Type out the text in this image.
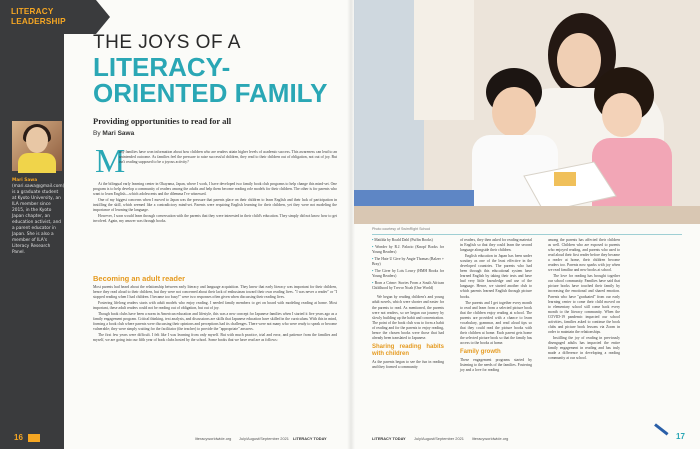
LITERACY LEADERSHIP
Mari Sawa (mari.sawa@gmail.com) is a graduate student at Kyoto University, an ILA member since 2015, in the Kyoto Japan chapter, an education activist, and a parent educator in Japan. She is also a member of ILA's Literacy Research Panel.
THE JOYS OF A
LITERACY-
ORIENTED FAMILY
Providing opportunities to read for all
By Mari Sawa
M

any families have won information about how children who are readers attain higher levels of academic success. This awareness can lead to an unintended outcome. As families feel the pressure to raise successful children, they read to their children out of obligation, not out of joy. But isn't reading supposed to be a joyous activity?

At the bilingual early learning center in Okayama, Japan, where I work, I have developed two family book club programs to help change this mind-set. One program is to help develop a community of readers among the adults and help them become reading role models for their children. The other is for parents who want to learn English—which adolescents and the dilemma I've witnessed.

One of my biggest concerns when I moved to Japan was the pressure that parents place on their children to learn English and their lack of participation in instilling the skill, which seemed like a contradictory mind-set. Parents were requiring English learning for their children, yet they were not modeling the importance of learning the language.

However, I soon would learn through conversation with the parents that they were interested in their child's education. They simply did not know how to get involved. Again, my answer was through books.

Becoming an adult reader

Most parents had heard about the relationship between early literacy and language acquisition. They knew that early literacy was important for their children, hence they read aloud to their children, but they were not concerned about their lack of enthusiasm toward their own reading lives. "I was never a reader" or "I stopped reading when I had children. I became too busy!" were two responses often given when discussing their reading lives.

Fostering lifelong readers starts with adult models who enjoy reading. I needed family members to get on board with modeling reading at home. Most important, these adult readers could not be reading out of obligation, but out of joy.

Though book clubs have been a norm in American education and lifestyle, this was a new concept for Japanese families when I started it five years ago as a family engagement program. Critical thinking, text analysis, and discussions are skills that Japanese education have skilled in the curriculum. With this in mind, forming a book club where parents were discussing their opinions and perceptions had its challenges. There were not many who were ready to speak or become vulnerable; they were simply waiting for the facilitator (the teacher) to provide the "appropriate" answers.

The first few years were difficult. I felt like I was learning from only myself. But with much practice, trial and error, and patience from the families and myself, we are going into our fifth year of book clubs hosted by the school. Some books that we have read are as follows:

16	literacyworldwide.org July/August/September 2021 LITERACY TODAY
Photo courtesy of SwimRight School
• Matilda by Roald Dahl (Puffin Books)
• Wonder by R.J. Palacio (Knopf Books for Young Readers)
• The Hate U Give by Angie Thomas (Balzer + Bray)
• The Giver by Lois Lowry (HMH Books for Young Readers)
• Born a Crime: Stories From a South African Childhood by Trevor Noah (One World)

We began by reading children's and young adult novels, which were shorter and easier for the parents to read. As mentioned, the parents were not readers, so we began our journey by slowly building up the habit and concentration. The point of the book club was to form a habit of reading and for the parents to enjoy reading, hence the chosen books were those that had already been translated to Japanese.

Sharing reading habits with children

As the parents began to see the fun in reading and they formed a community

of readers, they then asked for reading material in English so that they could learn the second language alongside their children.

English education in Japan has been under scrutiny as one of the least effective in the developed countries. The parents who had been through this educational system have learned English by taking their tests and have had very little knowledge and use of the language. Hence, we started another club to which parents learned English through picture books.

The parents and I get together every month to read and learn from a selected picture book that the children enjoy reading at school. The parents are provided with a chance to learn vocabulary, grammar, and read aloud tips so that they could read the picture books with their children at home. Each parent gets home the selected picture book so that the family has access to the books at home.

Family growth

These engagement programs started by listening to the needs of the families. Fostering joy and a love for reading

among the parents has affected their children as well. Children who are exposed to parents who enjoyed reading, and parents who used to read aloud their first reader before they became a reader at home, their children become readers too. Parents now sparks with joy when we read familiar and new books at school.

The love for reading has brought together our school community. Families have said that picture books have touched their family by increasing the emotional and shared emotion. Parents who have "graduated" from our early learning center to come their child moved on to elementary school still come back every month to the literacy community. When the COVID-19 pandemic impacted our school activities, families asked to continue the book clubs and picture book lessons via Zoom in order to maintain the relationships.

Instilling the joy of reading in previously disengaged adults has impacted the entire family engagement in reading and has truly made a difference in developing a reading community at our school.

LITERACY TODAY July/August/September 2021 literacyworldwide.org	17
